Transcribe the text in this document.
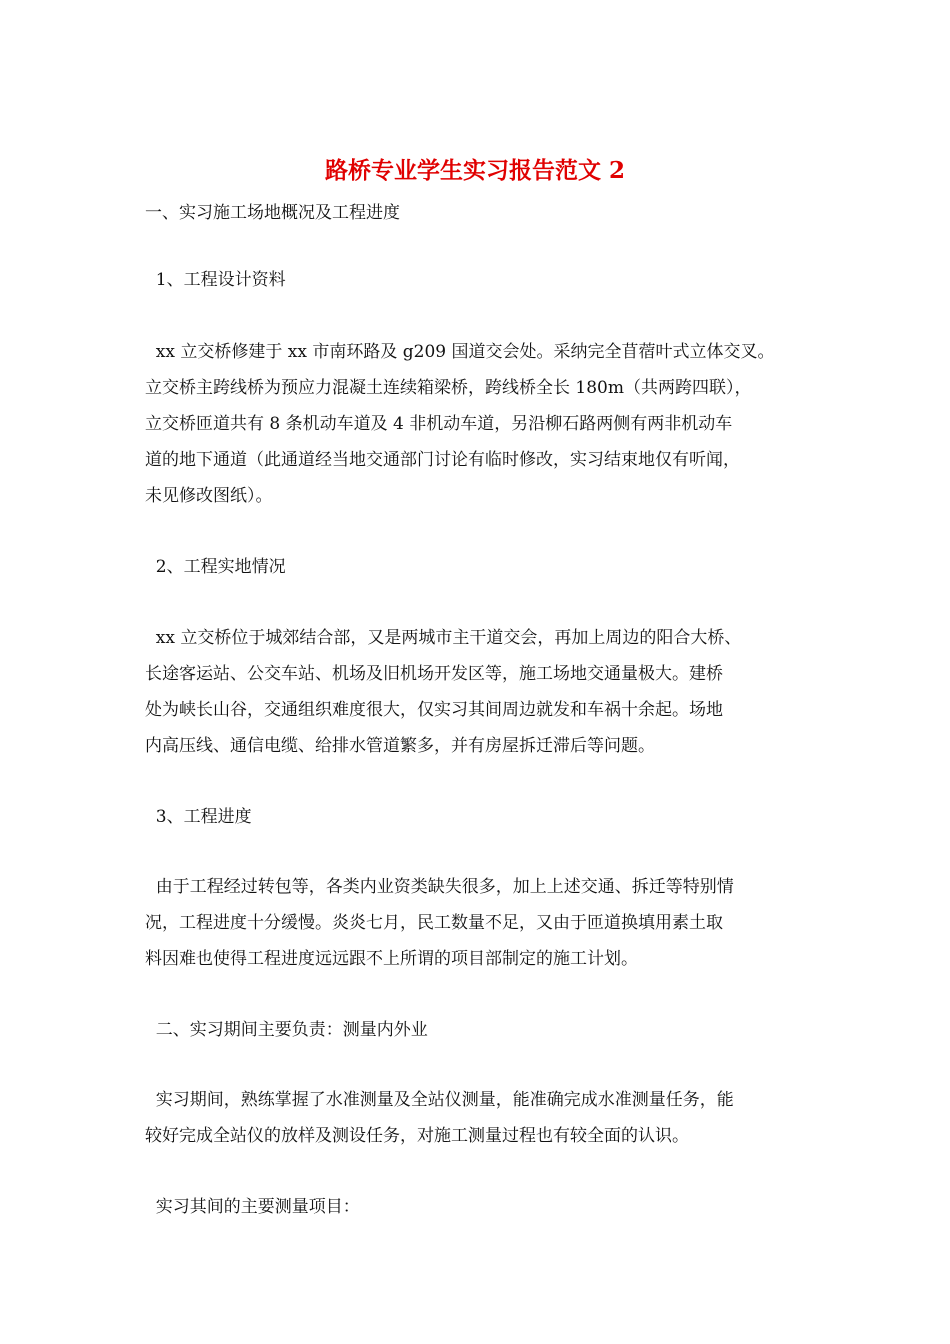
路桥专业学生实习报告范文 2
一、实习施工场地概况及工程进度
1、工程设计资料
xx 立交桥修建于 xx 市南环路及 g209 国道交会处。采纳完全苜蓿叶式立体交叉。
立交桥主跨线桥为预应力混凝土连续箱梁桥，跨线桥全长 180m（共两跨四联），
立交桥匝道共有 8 条机动车道及 4 非机动车道，另沿柳石路两侧有两非机动车
道的地下通道（此通道经当地交通部门讨论有临时修改，实习结束地仅有听闻，
未见修改图纸）。
2、工程实地情况
xx 立交桥位于城郊结合部，又是两城市主干道交会，再加上周边的阳合大桥、
长途客运站、公交车站、机场及旧机场开发区等，施工场地交通量极大。建桥
处为峡长山谷，交通组织难度很大，仅实习其间周边就发和车祸十余起。场地
内高压线、通信电缆、给排水管道繁多，并有房屋拆迁滞后等问题。
3、工程进度
由于工程经过转包等，各类内业资类缺失很多，加上上述交通、拆迁等特别情
况，工程进度十分缓慢。炎炎七月，民工数量不足，又由于匝道换填用素土取
料因难也使得工程进度远远跟不上所谓的项目部制定的施工计划。
二、实习期间主要负责：测量内外业
实习期间，熟练掌握了水准测量及全站仪测量，能准确完成水准测量任务，能
较好完成全站仪的放样及测设任务，对施工测量过程也有较全面的认识。
实习其间的主要测量项目：
